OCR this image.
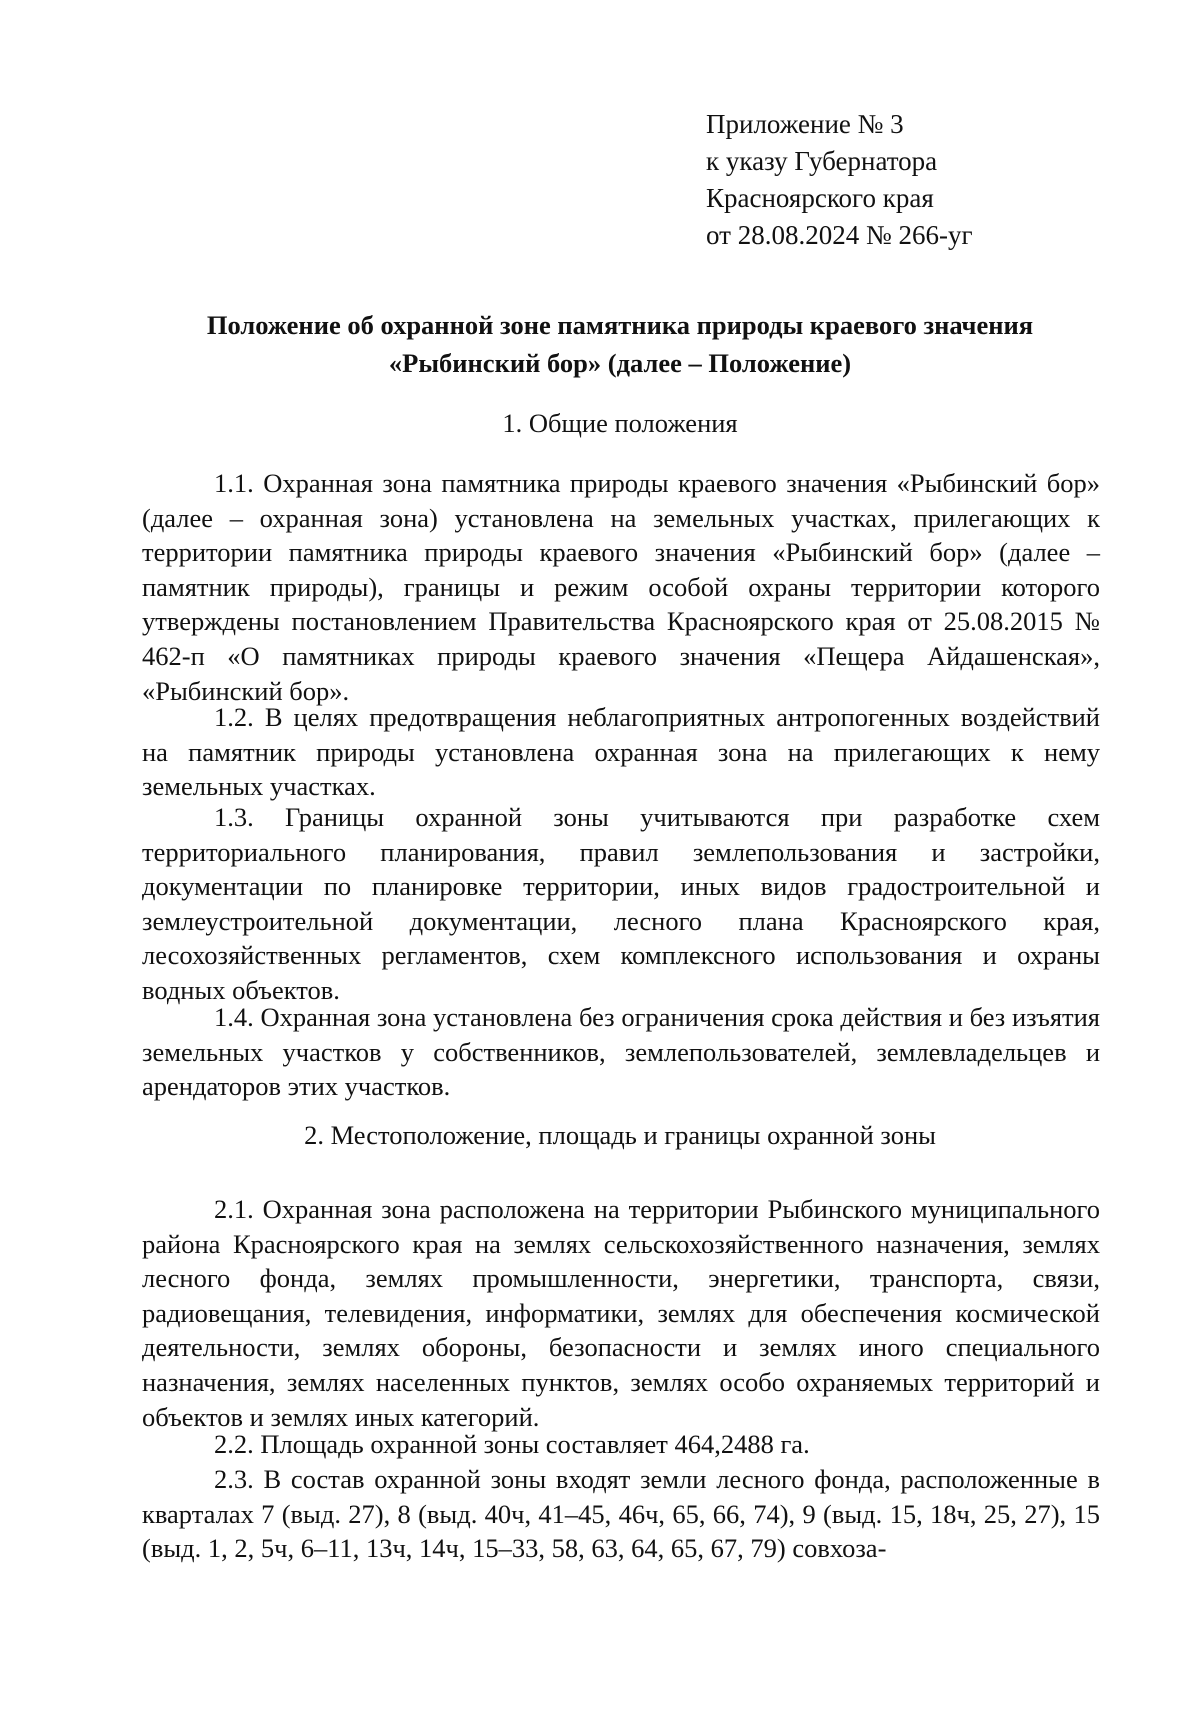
Приложение № 3
к указу Губернатора
Красноярского края
от 28.08.2024 № 266-уг
Положение об охранной зоне памятника природы краевого значения
«Рыбинский бор» (далее – Положение)
1. Общие положения
1.1. Охранная зона памятника природы краевого значения «Рыбинский бор» (далее – охранная зона) установлена на земельных участках, прилегающих к территории памятника природы краевого значения «Рыбинский бор» (далее – памятник природы), границы и режим особой охраны территории которого утверждены постановлением Правительства Красноярского края от 25.08.2015 № 462-п «О памятниках природы краевого значения «Пещера Айдашенская», «Рыбинский бор».
1.2. В целях предотвращения неблагоприятных антропогенных воздействий на памятник природы установлена охранная зона на прилегающих к нему земельных участках.
1.3. Границы охранной зоны учитываются при разработке схем территориального планирования, правил землепользования и застройки, документации по планировке территории, иных видов градостроительной и землеустроительной документации, лесного плана Красноярского края, лесохозяйственных регламентов, схем комплексного использования и охраны водных объектов.
1.4. Охранная зона установлена без ограничения срока действия и без изъятия земельных участков у собственников, землепользователей, землевладельцев и арендаторов этих участков.
2. Местоположение, площадь и границы охранной зоны
2.1. Охранная зона расположена на территории Рыбинского муниципального района Красноярского края на землях сельскохозяйственного назначения, землях лесного фонда, землях промышленности, энергетики, транспорта, связи, радиовещания, телевидения, информатики, землях для обеспечения космической деятельности, землях обороны, безопасности и землях иного специального назначения, землях населенных пунктов, землях особо охраняемых территорий и объектов и землях иных категорий.
2.2. Площадь охранной зоны составляет 464,2488 га.
2.3. В состав охранной зоны входят земли лесного фонда, расположенные в кварталах 7 (выд. 27), 8 (выд. 40ч, 41–45, 46ч, 65, 66, 74), 9 (выд. 15, 18ч, 25, 27), 15 (выд. 1, 2, 5ч, 6–11, 13ч, 14ч, 15–33, 58, 63, 64, 65, 67, 79) совхоза-
